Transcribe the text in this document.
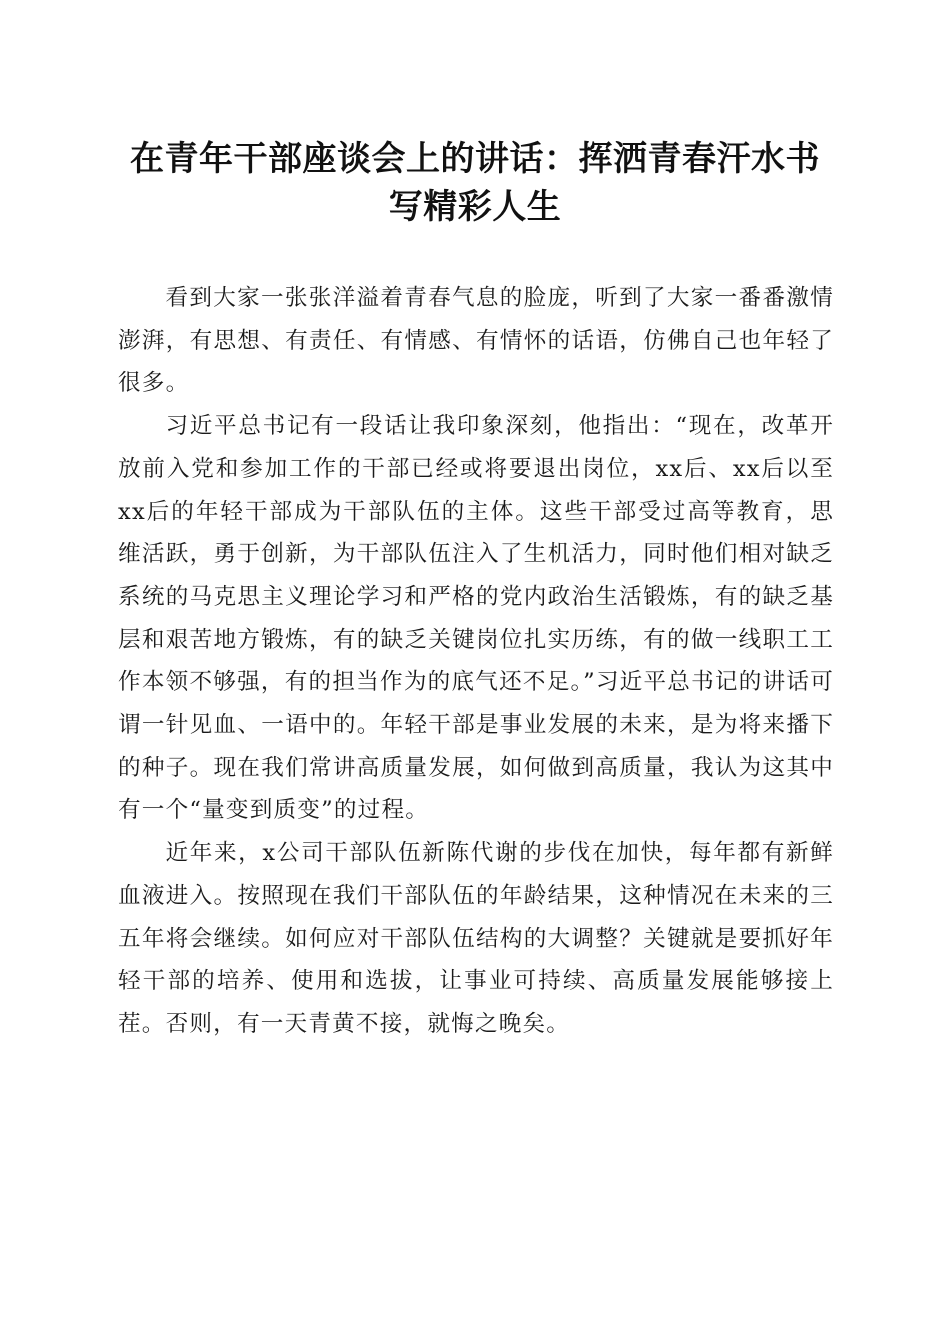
在青年干部座谈会上的讲话：挥洒青春汗水书写精彩人生

看到大家一张张洋溢着青春气息的脸庞，听到了大家一番番激情澎湃，有思想、有责任、有情感、有情怀的话语，仿佛自己也年轻了很多。

习近平总书记有一段话让我印象深刻，他指出：“现在，改革开放前入党和参加工作的干部已经或将要退出岗位，xx后、xx后以至xx后的年轻干部成为干部队伍的主体。这些干部受过高等教育，思维活跃，勇于创新，为干部队伍注入了生机活力，同时他们相对缺乏系统的马克思主义理论学习和严格的党内政治生活锻炼，有的缺乏基层和艰苦地方锻炼，有的缺乏关键岗位扎实历练，有的做一线职工工作本领不够强，有的担当作为的底气还不足。”习近平总书记的讲话可谓一针见血、一语中的。年轻干部是事业发展的未来，是为将来播下的种子。现在我们常讲高质量发展，如何做到高质量，我认为这其中有一个“量变到质变”的过程。

近年来，x公司干部队伍新陈代谢的步伐在加快，每年都有新鲜血液进入。按照现在我们干部队伍的年龄结果，这种情况在未来的三五年将会继续。如何应对干部队伍结构的大调整？关键就是要抓好年轻干部的培养、使用和选拔，让事业可持续、高质量发展能够接上茬。否则，有一天青黄不接，就悔之晚矣。
